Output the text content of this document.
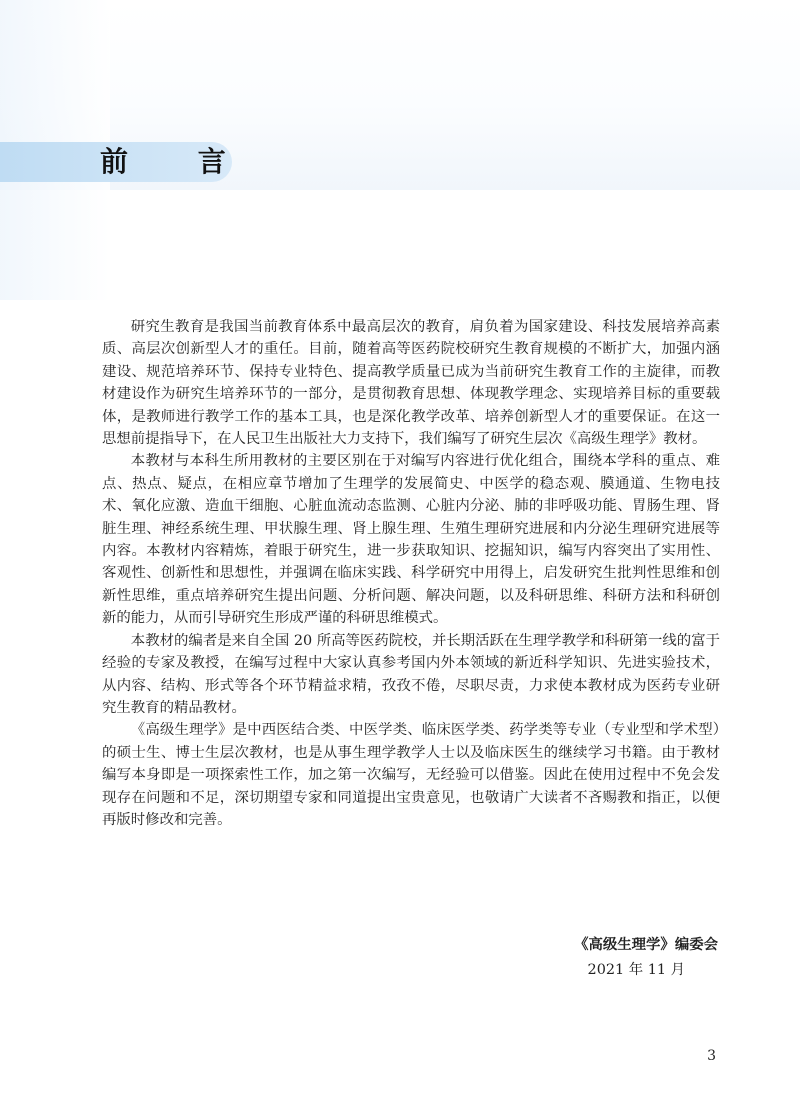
前 言

研究生教育是我国当前教育体系中最高层次的教育，肩负着为国家建设、科技发展培养高素质、高层次创新型人才的重任。目前，随着高等医药院校研究生教育规模的不断扩大，加强内涵建设、规范培养环节、保持专业特色、提高教学质量已成为当前研究生教育工作的主旋律，而教材建设作为研究生培养环节的一部分，是贯彻教育思想、体现教学理念、实现培养目标的重要载体，是教师进行教学工作的基本工具，也是深化教学改革、培养创新型人才的重要保证。在这一思想前提指导下，在人民卫生出版社大力支持下，我们编写了研究生层次《高级生理学》教材。

本教材与本科生所用教材的主要区别在于对编写内容进行优化组合，围绕本学科的重点、难点、热点、疑点，在相应章节增加了生理学的发展简史、中医学的稳态观、膜通道、生物电技术、氧化应激、造血干细胞、心脏血流动态监测、心脏内分泌、肺的非呼吸功能、胃肠生理、肾脏生理、神经系统生理、甲状腺生理、肾上腺生理、生殖生理研究进展和内分泌生理研究进展等内容。本教材内容精炼，着眼于研究生，进一步获取知识、挖掘知识，编写内容突出了实用性、客观性、创新性和思想性，并强调在临床实践、科学研究中用得上，启发研究生批判性思维和创新性思维，重点培养研究生提出问题、分析问题、解决问题，以及科研思维、科研方法和科研创新的能力，从而引导研究生形成严谨的科研思维模式。

本教材的编者是来自全国 20 所高等医药院校，并长期活跃在生理学教学和科研第一线的富于经验的专家及教授，在编写过程中大家认真参考国内外本领域的新近科学知识、先进实验技术，从内容、结构、形式等各个环节精益求精，孜孜不倦，尽职尽责，力求使本教材成为医药专业研究生教育的精品教材。

《高级生理学》是中西医结合类、中医学类、临床医学类、药学类等专业（专业型和学术型）的硕士生、博士生层次教材，也是从事生理学教学人士以及临床医生的继续学习书籍。由于教材编写本身即是一项探索性工作，加之第一次编写，无经验可以借鉴。因此在使用过程中不免会发现存在问题和不足，深切期望专家和同道提出宝贵意见，也敬请广大读者不吝赐教和指正，以便再版时修改和完善。

《高级生理学》编委会
2021 年 11 月
3
